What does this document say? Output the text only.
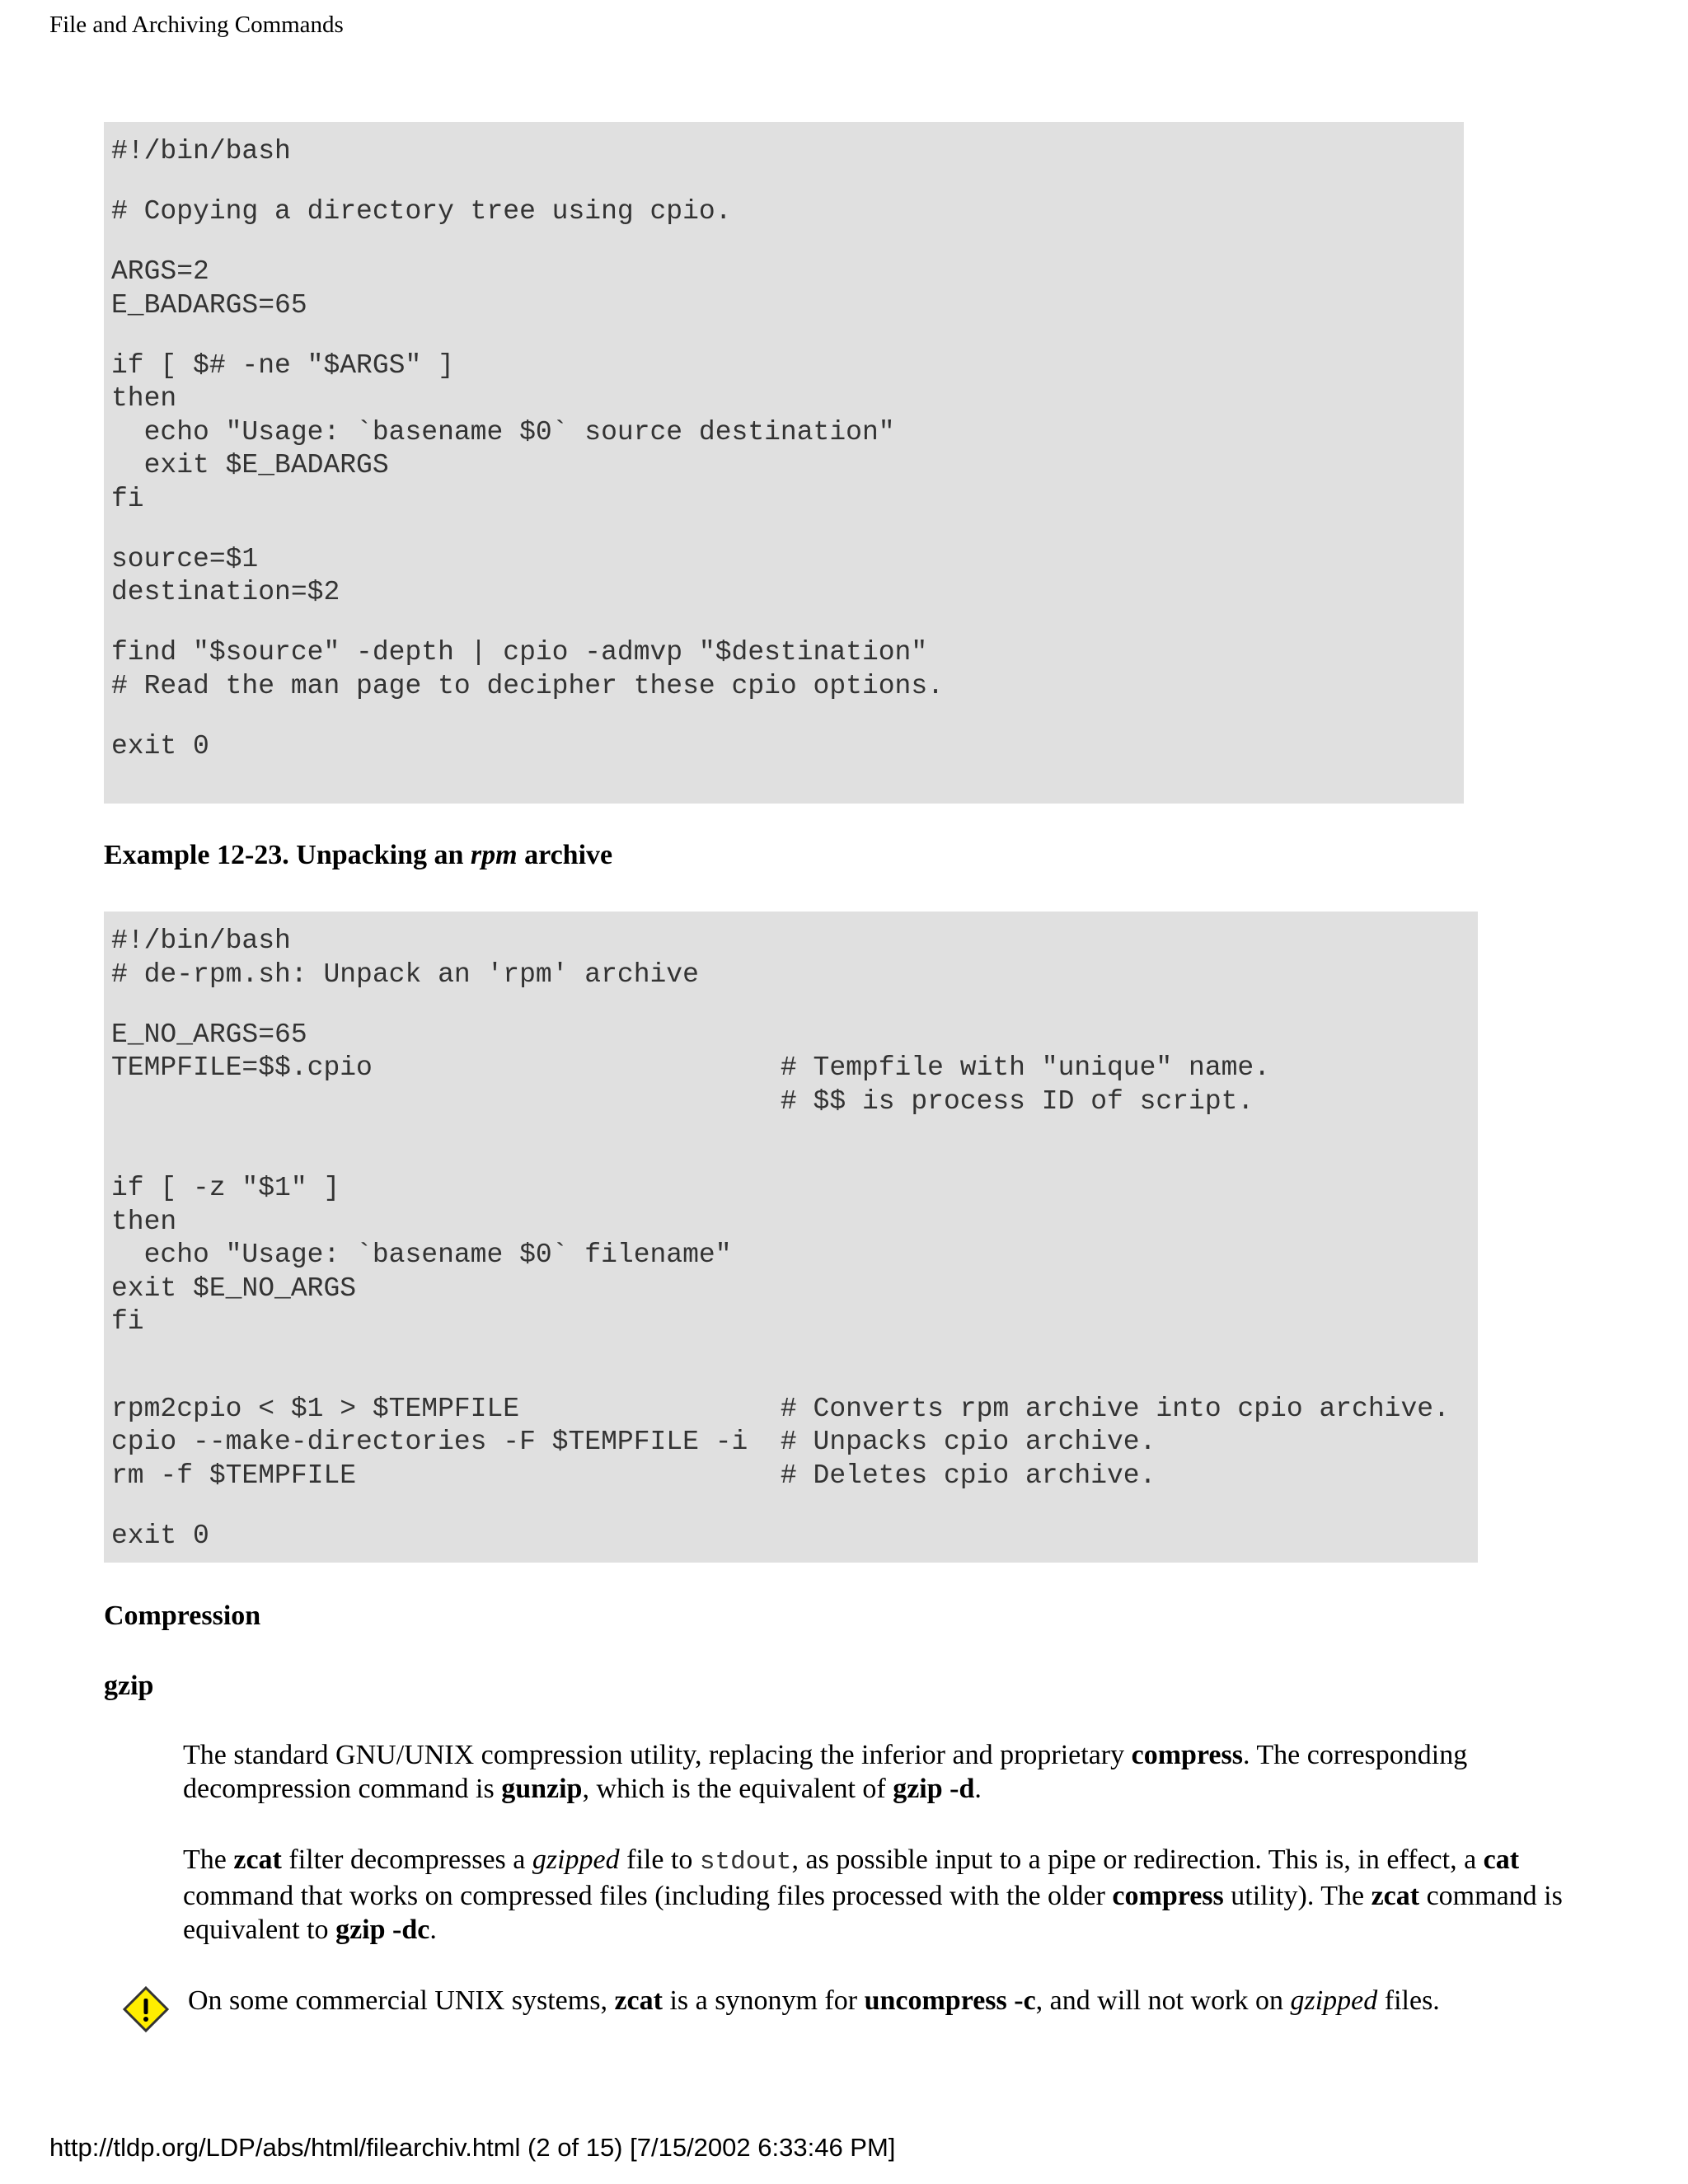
File and Archiving Commands
#!/bin/bash
# Copying a directory tree using cpio.
ARGS=2
E_BADARGS=65
if [ $# -ne "$ARGS" ]
then
echo "Usage: `basename $0` source destination"
exit $E_BADARGS
fi
source=$1
destination=$2
find "$source" -depth | cpio -admvp "$destination"
# Read the man page to decipher these cpio options.
exit 0
Example 12-23. Unpacking an rpm archive
#!/bin/bash
# de-rpm.sh: Unpack an 'rpm' archive
E_NO_ARGS=65
TEMPFILE=$$.cpio                         # Tempfile with "unique" name.
# $$ is process ID of script.
if [ -z "$1" ]
then
echo "Usage: `basename $0` filename"
exit $E_NO_ARGS
fi
rpm2cpio < $1 > $TEMPFILE                # Converts rpm archive into cpio archive.
cpio --make-directories -F $TEMPFILE -i  # Unpacks cpio archive.
rm -f $TEMPFILE                          # Deletes cpio archive.
exit 0
Compression
gzip
The standard GNU/UNIX compression utility, replacing the inferior and proprietary compress. The corresponding decompression command is gunzip, which is the equivalent of gzip -d.
The zcat filter decompresses a gzipped file to stdout, as possible input to a pipe or redirection. This is, in effect, a cat command that works on compressed files (including files processed with the older compress utility). The zcat command is equivalent to gzip -dc.
On some commercial UNIX systems, zcat is a synonym for uncompress -c, and will not work on gzipped files.
http://tldp.org/LDP/abs/html/filearchiv.html (2 of 15) [7/15/2002 6:33:46 PM]
